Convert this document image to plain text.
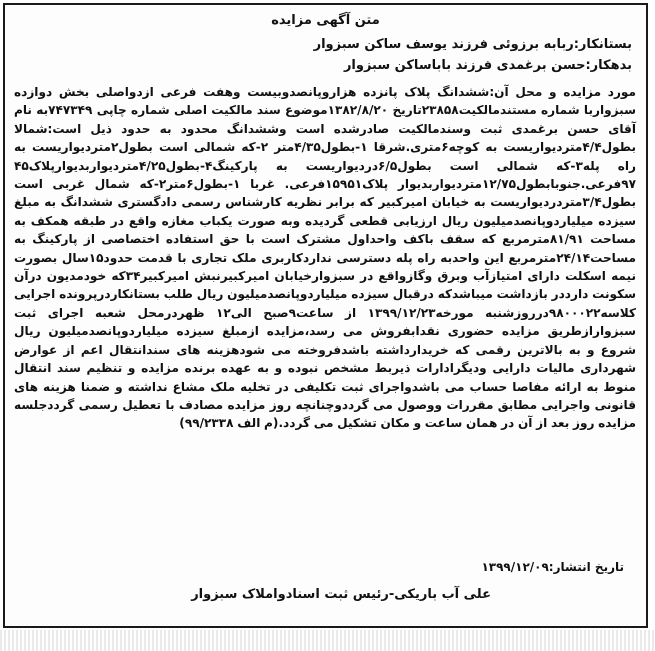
متن آگهی مزایده
بستانکار:ربابه برزوئی فرزند یوسف ساکن سبزوار
بدهکار:حسن برغمدی فرزند باباساکن سبزوار
مورد مزایده و محل آن:ششدانگ پلاک پانزده هزاروپانصدوبیست وهفت فرعی ازدواصلی بخش دوازده سبزواربا شماره مستندمالکیت۲۳۸۵۸تاریخ ۱۳۸۲/۸/۲۰موضوع سند مالکیت اصلی شماره چاپی ۷۴۷۳۴۹به نام آقای حسن برغمدی ثبت وسندمالکیت صادرشده است وششدانگ محدود به حدود ذیل است:شمالا بطول۴/۴متردیواریست به کوچه۶متری.شرقا ۱-بطول۴/۳۵متر ۲-که شمالی است بطول۲متردیواریست به راه پله۳-که شمالی است بطول۶/۵دردیواریست به پارکینگ۴-بطول۴/۲۵متردیواربدیوارپلاک۴۵ ۹۷فرعی.جنوبابطول۱۲/۷۵متردیواربدیوار پلاک۱۵۹۵۱فرعی. غربا ۱-بطول۶متر۲-که شمال غربی است بطول۳/۴متردردیواریست به خیابان امیرکبیر که برابر نظریه کارشناس رسمی دادگستری ششدانگ به مبلغ سیزده میلیاردوپانصدمیلیون ریال ارزیابی قطعی گردیده وبه صورت یکباب مغازه واقع در طبقه همکف به مساحت ۸۱/۹۱مترمربع که سقف باکف واحداول مشترک است با حق استفاده اختصاصی از پارکینگ به مساحت۲۴/۱۴مترمربع این واحدبه راه پله دسترسی نداردکاربری ملک تجاری با قدمت حدود۱۵سال بصورت نیمه اسکلت دارای امتیازآب وبرق وگازواقع در سبزوارخیابان امیرکبیرنبش امیرکبیر۳۴که خودمدیون درآن سکونت دارددر بازداشت میباشدکه درقبال سیزده میلیاردوپانصدمیلیون ریال طلب بستانکاردرپرونده اجرایی کلاسه۹۸۰۰۰۲۲درروزشنبه مورخه۱۳۹۹/۱۲/۲۳ از ساعت۹صبح الی۱۲ ظهردرمحل شعبه اجرای ثبت سبزوارازطریق مزایده حضوری نقدابفروش می رسد،مزایده ازمبلغ سیزده میلیاردوپانصدمیلیون ریال شروع و به بالاترین رقمی که خریدارداشته باشدفروخته می شودهزینه های سندانتقال اعم از عوارض شهرداری مالیات دارایی ودیگرادارات ذیربط مشخص نبوده و به عهده برنده مزایده و تنظیم سند انتقال منوط به ارائه مفاصا حساب می باشدواجرای ثبت تکلیفی در تخلیه ملک مشاع نداشته و ضمنا هزینه های قانونی واجرایی مطابق مقررات ووصول می گرددوچنانچه روز مزایده مصادف با تعطیل رسمی گرددجلسه مزایده روز بعد از آن در همان ساعت و مکان تشکیل می گردد.(م الف ۹۹/۲۳۳۸)
تاریخ انتشار:۱۳۹۹/۱۲/۰۹
علی آب باریکی-رئیس ثبت اسنادواملاک سبزوار
